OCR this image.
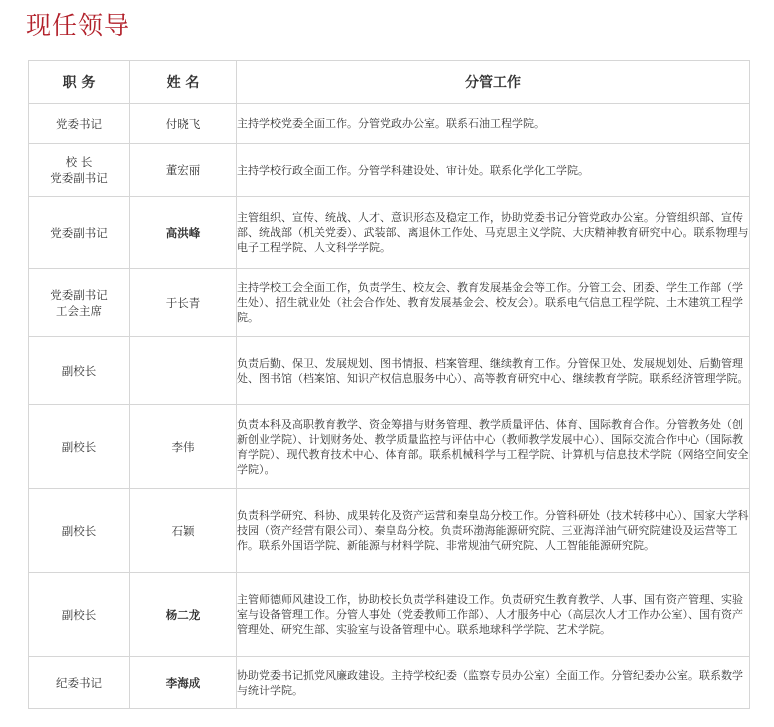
现任领导
职 务	姓 名	分管工作

党委书记	付晓飞	主持学校党委全面工作。分管党政办公室。联系石油工程学院。

校 长
党委副书记	董宏丽	主持学校行政全面工作。分管学科建设处、审计处。联系化学化工学院。

党委副书记	高洪峰	主管组织、宣传、统战、人才、意识形态及稳定工作，协助党委书记分管党政办公室。分管组织部、宣传部、统战部（机关党委）、武装部、离退休工作处、马克思主义学院、大庆精神教育研究中心。联系物理与电子工程学院、人文科学学院。

党委副书记
工会主席	于长青	主持学校工会全面工作，负责学生、校友会、教育发展基金会等工作。分管工会、团委、学生工作部（学生处）、招生就业处（社会合作处、教育发展基金会、校友会）。联系电气信息工程学院、土木建筑工程学院。

副校长		负责后勤、保卫、发展规划、图书情报、档案管理、继续教育工作。分管保卫处、发展规划处、后勤管理处、图书馆（档案馆、知识产权信息服务中心）、高等教育研究中心、继续教育学院。联系经济管理学院。

副校长	李伟	负责本科及高职教育教学、资金筹措与财务管理、教学质量评估、体育、国际教育合作。分管教务处（创新创业学院）、计划财务处、教学质量监控与评估中心（教师教学发展中心）、国际交流合作中心（国际教育学院）、现代教育技术中心、体育部。联系机械科学与工程学院、计算机与信息技术学院（网络空间安全学院）。

副校长	石颖	负责科学研究、科协、成果转化及资产运营和秦皇岛分校工作。分管科研处（技术转移中心）、国家大学科技园（资产经营有限公司）、秦皇岛分校。负责环渤海能源研究院、三亚海洋油气研究院建设及运营等工作。联系外国语学院、新能源与材料学院、非常规油气研究院、人工智能能源研究院。

副校长	杨二龙	主管师德师风建设工作，协助校长负责学科建设工作。负责研究生教育教学、人事、国有资产管理、实验室与设备管理工作。分管人事处（党委教师工作部）、人才服务中心（高层次人才工作办公室）、国有资产管理处、研究生部、实验室与设备管理中心。联系地球科学学院、艺术学院。

纪委书记	李海成	协助党委书记抓党风廉政建设。主持学校纪委（监察专员办公室）全面工作。分管纪委办公室。联系数学与统计学院。
